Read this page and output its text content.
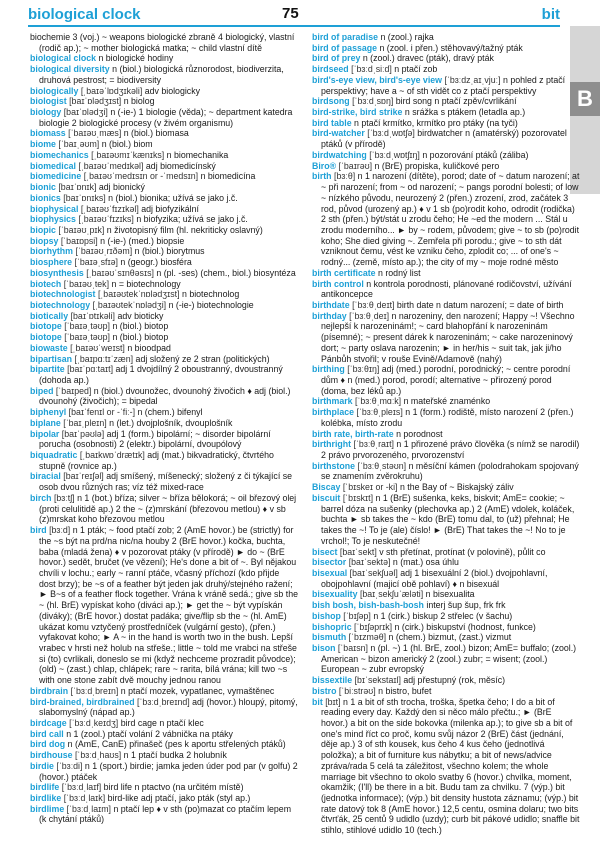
biological clock	75	bit
B

biochemie 3 (voj.) ~ weapons biologické zbraně 4 biologický, vlastní (rodič ap.); ~ mother biologická matka; ~ child vlastní dítě

biological clock n biologické hodiny

biological diversity n (biol.) biologická různorodost, biodiverzita, druhová pestrost; = biodiversity

biologically [ˌbaɪəˈlɒdʒɪkəli] adv biologicky

biologist [baɪˈɒlədʒɪst] n biolog

biology [baɪˈɒlədʒi] n (-ie-) 1 biologie (věda); ~ department katedra biologie 2 biologické procesy (v živém organismu)

biomass [ˈbaɪəʊˌmæs] n (biol.) biomasa

biome [ˈbaɪˌəʊm] n (biol.) biom

biomechanics [ˌbaɪəʊmɪˈkænɪks] n biomechanika

biomedical [ˌbaɪəʊˈmedɪkəl] adj biomedicínský

biomedicine [ˌbaɪəʊˈmedɪsɪn or -ˈmedsɪn] n biomedicína

bionic [baɪˈɒnɪk] adj bionický

bionics [baɪˈɒnɪks] n (biol.) bionika; užívá se jako j.č.

biophysical [ˌbaɪəʊˈfɪzɪkəl] adj biofyzikální

biophysics [ˌbaɪəʊˈfɪzɪks] n biofyzika; užívá se jako j.č.

biopic [ˈbaɪəʊˌpɪk] n životopisný film (hl. nekriticky oslavný)

biopsy [ˈbaɪɒpsi] n (-ie-) (med.) biopsie

biorhythm [ˈbaɪəʊˌrɪðəm] n (biol.) biorytmus

biosphere [ˈbaɪəˌsfɪə] n (geogr.) biosféra

biosynthesis [ˌbaɪəʊˈsɪnθəsɪs] n (pl. -ses) (chem., biol.) biosyntéza

biotech [ˈbaɪəʊˌtek] n = biotechnology

biotechnologist [ˌbaɪəʊtekˈnɒlədʒɪst] n biotechnolog

biotechnology [ˌbaɪəʊtekˈnɒlədʒi] n (-ie-) biotechnologie

biotically [baɪˈɒtɪkəli] adv bioticky

biotope [ˈbaɪəˌtəʊp] n (biol.) biotop

biotope [ˈbaɪəˌtəʊp] n (biol.) biotop

biowaste [ˌbaɪəʊˈweɪst] n bioodpad

bipartisan [ˌbaɪpɑːtɪˈzæn] adj složený ze 2 stran (politických)

bipartite [baɪˈpɑːtaɪt] adj 1 dvojdílný 2 oboustranný, dvoustranný (dohoda ap.)

biped [ˈbaɪped] n (biol.) dvounožec, dvounohý živočich ♦ adj (biol.) dvounohý (živočich); = bipedal

biphenyl [baɪˈfenɪl or -ˈfiː-] n (chem.) bifenyl

biplane [ˈbaɪˌpleɪn] n (let.) dvojplošník, dvouplošník

bipolar [baɪˈpəʊlə] adj 1 (form.) bipolární; ~ disorder bipolární porucha (osobnosti) 2 (elektr.) bipolární, dvoupólový

biquadratic [ˌbaɪkwɒˈdrætɪk] adj (mat.) bikvadratický, čtvrtého stupně (rovnice ap.)

biracial [baɪˈreɪʃəl] adj smíšený, míšenecký; složený z či týkající se osob dvou různých ras; víz též mixed-race

birch [bɜːtʃ] n 1 (bot.) bříza; silver ~ bříza bělokorá; ~ oil březový olej (proti celulitidě ap.) 2 the ~ (z)mrskání (březovou metlou) ♦ v sb (z)mrskat koho březovou metlou

bird [bɜːd] n 1 pták; ~ food ptačí zob; 2 (AmE hovor.) be (strictly) for the ~s být na prd/na nic/na houby 2 (BrE hovor.) kočka, buchta, baba (mladá žena) ♦ v pozorovat ptáky (v přírodě) ► do ~ (BrE hovor.) sedět, bručet (ve vězení); He's done a bit of ~. Byl nějakou chvíli v lochu.; early ~ ranní ptáče, včasný příchozí (kdo přijde dost brzy); be ~s of a feather být jeden jak druhý/stejného ražení; ► B~s of a feather flock together. Vrána k vráně sedá.; give sb the ~ (hl. BrE) vypískat koho (diváci ap.); ► get the ~ být vypískán (diváky); (BrE hovor.) dostat padáka; give/flip sb the ~ (hl. AmE) ukázat komu vztyčený prostředníček (vulgární gesto), (přen.) vyfakovat koho; ► A ~ in the hand is worth two in the bush. Lepší vrabec v hrsti než holub na střeše.; little ~ told me vrabci na střeše si (to) cvrlikali, doneslo se mi (když nechceme prozradit původce); (old) ~ (zast.) chlap, chlápek; rare ~ rarita, bílá vrána; kill two ~s with one stone zabít dvě mouchy jednou ranou

birdbrain [ˈbɜːdˌbreɪn] n ptačí mozek, vypatlanec, vymaštěnec

bird-brained, birdbrained [ˈbɜːdˌbreɪnd] adj (hovor.) hloupý, pitomý, slabomyslný (nápad ap.)

birdcage [ˈbɜːdˌkeɪdʒ] bird cage n ptačí klec

bird call n 1 (zool.) ptačí volání 2 vábnička na ptáky

bird dog n (AmE, CanE) přinašeč (pes k aportu střelených ptáků)

birdhouse [ˈbɜːdˌhaʊs] n 1 ptačí budka 2 holubník

birdie [ˈbɜːdi] n 1 (sport.) birdie; jamka jeden úder pod par (v golfu) 2 (hovor.) ptáček

birdlife [ˈbɜːdˌlaɪf] bird life n ptactvo (na určitém místě)

birdlike [ˈbɜːdˌlaɪk] bird-like adj ptačí, jako pták (styl ap.)

birdlime [ˈbɜːdˌlaɪm] n ptačí lep ♦ v sth (po)mazat co ptačím lepem (k chytání ptáků)

bird of paradise n (zool.) rajka

bird of passage n (zool. i přen.) stěhovavý/tažný pták

bird of prey n (zool.) dravec (pták), dravý pták

birdseed [ˈbɜːdˌsiːd] n ptačí zob

bird's-eye view, bird's-eye view [ˈbɜːdzˌaɪˌvjuː] n pohled z ptačí perspektivy; have a ~ of sth vidět co z ptačí perspektivy

birdsong [ˈbɜːdˌsɒŋ] bird song n ptačí zpěv/cvrlikání

bird-strike, bird strike n srážka s ptákem (letadla ap.)

bird table n ptačí krmítko, krmítko pro ptáky (na tyči)

bird-watcher [ˈbɜːdˌwɒtʃə] birdwatcher n (amatérský) pozorovatel ptáků (v přírodě)

birdwatching [ˈbɜːdˌwɒtʃɪŋ] n pozorování ptáků (záliba)

Biro® [ˈbaɪrəʊ] n (BrE) propiska, kuličkové pero

birth [bɜːθ] n 1 narození (dítěte), porod; date of ~ datum narození; at ~ při narození; from ~ od narození; ~ pangs porodní bolesti; of low ~ nízkého původu, neurozený 2 (přen.) zrození, zrod, začátek 3 rod, původ (urozený ap.) ♦ v 1 sb (po)rodit koho, odrodit (rodička) 2 sth (přen.) být/stát u zrodu čeho; He ~ed the modern ... Stál u zrodu moderního... ► by ~ rodem, původem; give ~ to sb (po)rodit koho; She died giving ~. Zemřela při porodu.; give ~ to sth dát vzniknout čemu, vést ke vzniku čeho, zplodit co; ... of one's ~ rodný... (země, místo ap.); the city of my ~ moje rodné město

birth certificate n rodný list

birth control n kontrola porodnosti, plánované rodičovství, užívání antikoncepce

birthdate [ˈbɜːθˌdeɪt] birth date n datum narození; = date of birth

birthday [ˈbɜːθˌdeɪ] n narozeniny, den narození; Happy ~! Všechno nejlepší k narozeninám!; ~ card blahopřání k narozeninám (písemné); ~ present dárek k narozeninám; ~ cake narozeninový dort; ~ party oslava narozenin; ► in her/his ~ suit tak, jak ji/ho Pánbůh stvořil; v rouše Evině/Adamově (nahý)

birthing [ˈbɜːθɪŋ] adj (med.) porodní, porodnický; ~ centre porodní dům ♦ n (med.) porod, porodí; alternative ~ přirozený porod (doma, bez léků ap.)

birthmark [ˈbɜːθˌmɑːk] n mateřské znaménko

birthplace [ˈbɜːθˌpleɪs] n 1 (form.) rodiště, místo narození 2 (přen.) kolébka, místo zrodu

birth rate, birth-rate n porodnost

birthright [ˈbɜːθˌraɪt] n 1 přirozené právo člověka (s nímž se narodil) 2 právo prvorozeného, prvorozenství

birthstone [ˈbɜːθˌstəʊn] n měsíční kámen (polodrahokam spojovaný se znamením zvěrokruhu)

Biscay [ˈbɪskeɪ or -ki] n the Bay of ~ Biskajský záliv

biscuit [ˈbɪskɪt] n 1 (BrE) sušenka, keks, biskvit; AmE= cookie; ~ barrel dóza na sušenky (plechovka ap.) 2 (AmE) vdolek, koláček, buchta ► sb takes the ~ kdo (BrE) tomu dal, to (už) přehnal; He takes the ~! To je (ale) číslo! ► (BrE) That takes the ~! No to je vrchol!; To je neskutečné!

bisect [baɪˈsekt] v sth přetínat, protínat (v polovině), půlit co

bisector [baɪˈsektə] n (mat.) osa úhlu

bisexual [baɪˈsekʃuəl] adj 1 bisexuální 2 (biol.) dvojpohlavní, obojpohlavní (majicí obě pohlaví) ♦ n bisexuál

bisexuality [baɪˌsekʃuˈæləti] n bisexualita

bish bosh, bish-bash-bosh interj šup šup, frk frk

bishop [ˈbɪʃəp] n 1 (cirk.) biskup 2 střelec (v šachu)

bishopric [ˈbɪʃəprɪk] n (cirk.) biskupství (hodnost, funkce)

bismuth [ˈbɪzməθ] n (chem.) bizmut, (zast.) vizmut

bison [ˈbaɪsn] n (pl. ~) 1 (hl. BrE, zool.) bizon; AmE= buffalo; (zool.) American ~ bizon americký 2 (zool.) zubr; = wisent; (zool.) European ~ zubr evropský

bissextile [bɪˈsekstaɪl] adj přestupný (rok, měsíc)

bistro [ˈbiːstrəʊ] n bistro, bufet

bit [bɪt] n 1 a bit of sth trocha, troška, špetka čeho; I do a bit of reading every day. Každý den si něco málo přečtu.; ► (BrE hovor.) a bit on the side bokovka (milenka ap.); to give sb a bit of one's mind říct co proč, komu svůj názor 2 (BrE) část (jednání, děje ap.) 3 of sth kousek, kus čeho 4 kus čeho (jednotlivá položka); a bit of furniture kus nábytku; a bit of news/advice zpráva/rada 5 celá ta záležitost, všechno kolem; the whole marriage bit všechno to okolo svatby 6 (hovor.) chvilka, moment, okamžik; (I'll) be there in a bit. Budu tam za chvilku. 7 (výp.) bit (jednotka informace); (výp.) bit density hustota záznamu; (výp.) bit rate datový tok 8 (AmE hovor.) 12,5 centu, osmina dolaru; two bits čtvrťák, 25 centů 9 udidlo (uzdy); curb bit pákové udidlo; snaffle bit stihlo, stihlové udidlo 10 (tech.)
